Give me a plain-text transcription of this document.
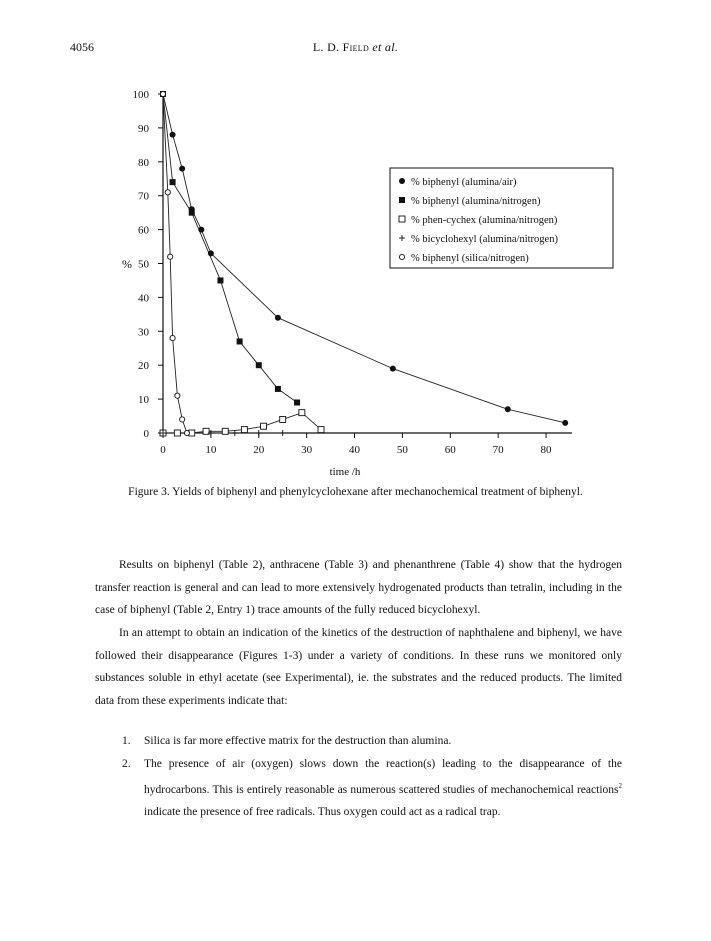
4056	L. D. Field et al.
0
10
20
30
40
50
60
70
80
90
100
0	10	20	30	40	50	60	70	80
time /h
%
% biphenyl (alumina/air)
% biphenyl (alumina/nitrogen)
% phen-cychex (alumina/nitrogen)
% bicyclohexyl (alumina/nitrogen)
% biphenyl (silica/nitrogen)
Figure 3. Yields of biphenyl and phenylcyclohexane after mechanochemical treatment of biphenyl.

Results on biphenyl (Table 2), anthracene (Table 3) and phenanthrene (Table 4) show that the hydrogen transfer reaction is general and can lead to more extensively hydrogenated products than tetralin, including in the case of biphenyl (Table 2, Entry 1) trace amounts of the fully reduced bicyclohexyl.

In an attempt to obtain an indication of the kinetics of the destruction of naphthalene and biphenyl, we have followed their disappearance (Figures 1-3) under a variety of conditions. In these runs we monitored only substances soluble in ethyl acetate (see Experimental), ie. the substrates and the reduced products. The limited data from these experiments indicate that:

1. Silica is far more effective matrix for the destruction than alumina.
2. The presence of air (oxygen) slows down the reaction(s) leading to the disappearance of the hydrocarbons. This is entirely reasonable as numerous scattered studies of mechanochemical reactions$^2$ indicate the presence of free radicals. Thus oxygen could act as a radical trap.
